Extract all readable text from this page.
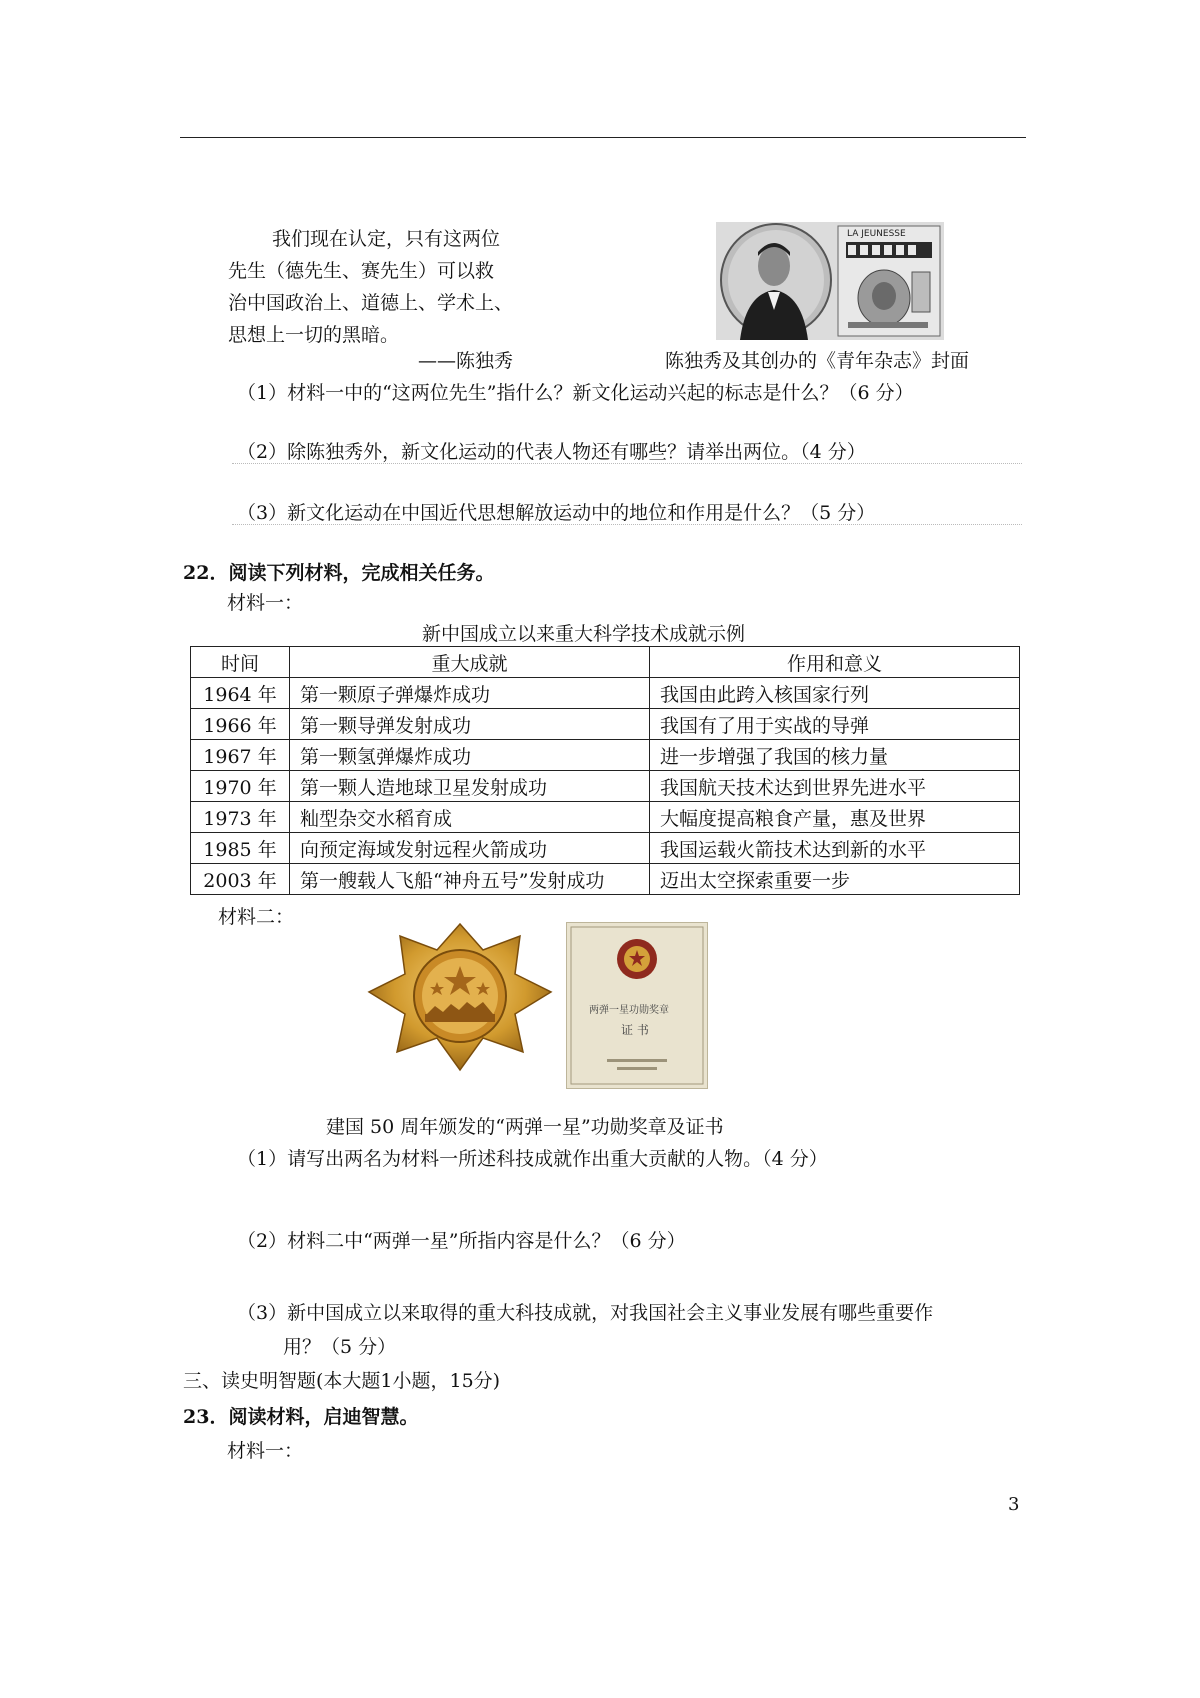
我们现在认定，只有这两位

先生（德先生、赛先生）可以救

治中国政治上、道德上、学术上、

思想上一切的黑暗。

——陈独秀

LA JEUNESSE
陈独秀及其创办的《青年杂志》封面
（1）材料一中的“这两位先生”指什么？新文化运动兴起的标志是什么？（6 分）
（2）除陈独秀外，新文化运动的代表人物还有哪些？请举出两位。（4 分）
（3）新文化运动在中国近代思想解放运动中的地位和作用是什么？（5 分）
22．阅读下列材料，完成相关任务。
材料一：
新中国成立以来重大科学技术成就示例
时间	重大成就	作用和意义
1964 年	第一颗原子弹爆炸成功	我国由此跨入核国家行列
1966 年	第一颗导弹发射成功	我国有了用于实战的导弹
1967 年	第一颗氢弹爆炸成功	进一步增强了我国的核力量
1970 年	第一颗人造地球卫星发射成功	我国航天技术达到世界先进水平
1973 年	籼型杂交水稻育成	大幅度提高粮食产量，惠及世界
1985 年	向预定海域发射远程火箭成功	我国运载火箭技术达到新的水平
2003 年	第一艘载人飞船“神舟五号”发射成功	迈出太空探索重要一步
材料二：
两弹一星功勋奖章
证 书
建国 50 周年颁发的“两弹一星”功勋奖章及证书
（1）请写出两名为材料一所述科技成就作出重大贡献的人物。（4 分）
（2）材料二中“两弹一星”所指内容是什么？（6 分）
（3）新中国成立以来取得的重大科技成就，对我国社会主义事业发展有哪些重要作
用？（5 分）
三、读史明智题(本大题1小题，15分)
23．阅读材料，启迪智慧。
材料一：
3
